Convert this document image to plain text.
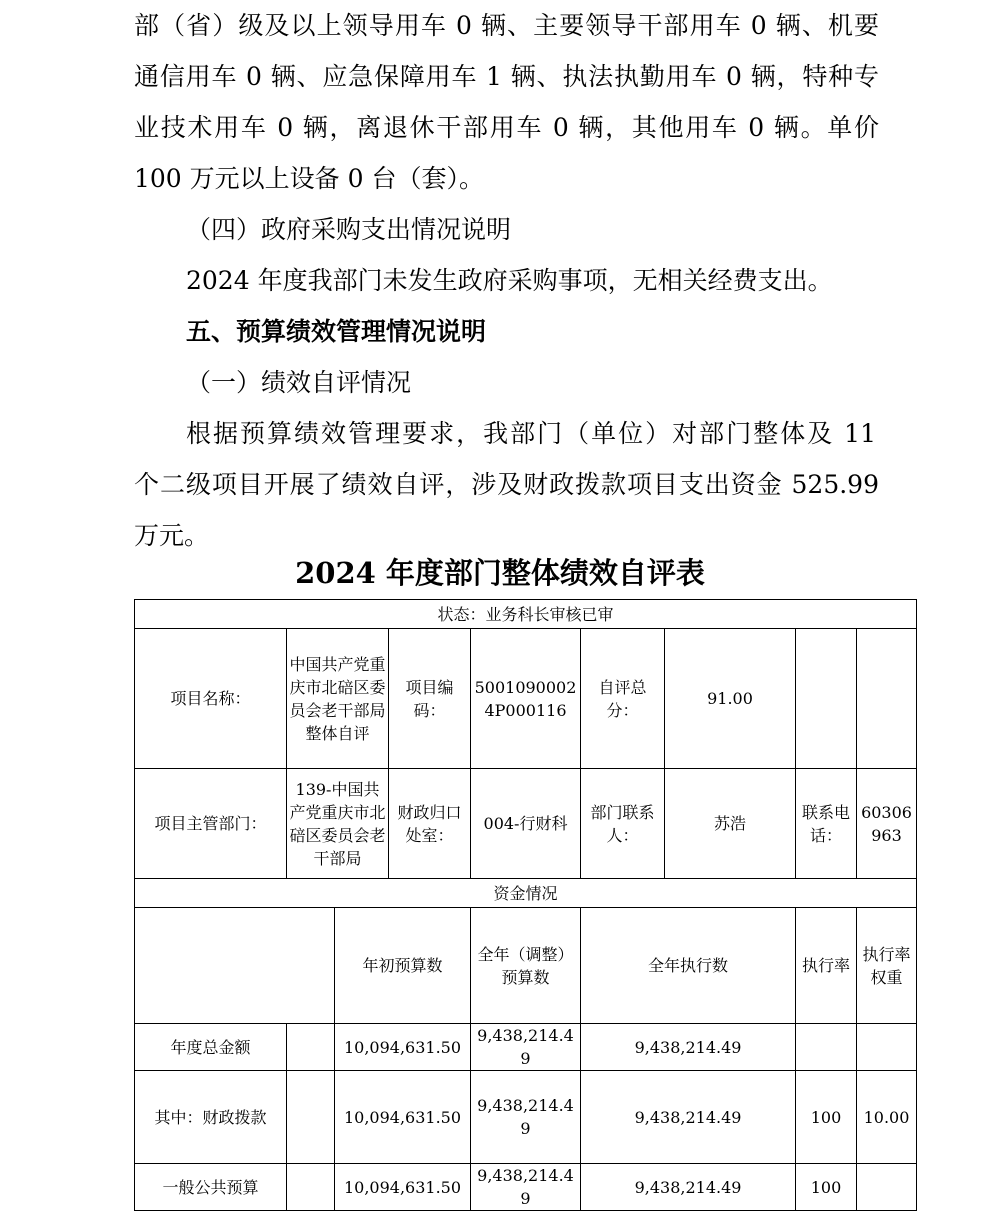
部（省）级及以上领导用车 0 辆、主要领导干部用车 0 辆、机要

通信用车 0 辆、应急保障用车 1 辆、执法执勤用车 0 辆，特种专

业技术用车 0 辆，离退休干部用车 0 辆，其他用车 0 辆。单价

100 万元以上设备 0 台（套）。

（四）政府采购支出情况说明

2024 年度我部门未发生政府采购事项，无相关经费支出。

五、预算绩效管理情况说明

（一）绩效自评情况

根据预算绩效管理要求，我部门（单位）对部门整体及 11

个二级项目开展了绩效自评，涉及财政拨款项目支出资金 525.99

万元。

2024 年度部门整体绩效自评表
状态：业务科长审核已审									
项目名称：	中国共产党重庆市北碚区委员会老干部局整体自评		项目编码：	50010900024P000116	自评总分：	91.00			
项目主管部门：	139-中国共产党重庆市北碚区委员会老干部局		财政归口处室：	004-行财科	部门联系人：	苏浩	联系电话：	60306963	
资金情况									
		年初预算数		全年（调整）预算数	全年执行数		执行率	执行率权重	
年度总金额		10,094,631.50		9,438,214.49	9,438,214.49				
其中：财政拨款		10,094,631.50		9,438,214.49	9,438,214.49		100	10.00	
一般公共预算		10,094,631.50		9,438,214.49	9,438,214.49		100		
